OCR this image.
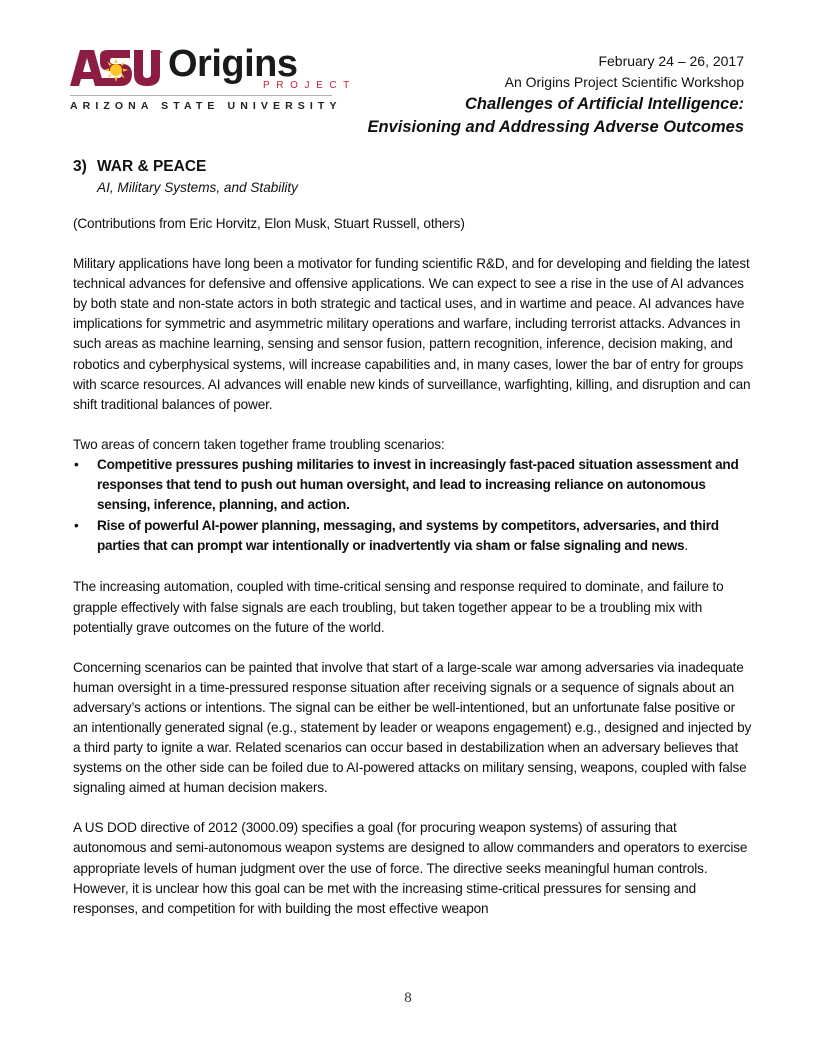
Origins
PROJECT
ARIZONA STATE UNIVERSITY
February 24 – 26, 2017
An Origins Project Scientific Workshop
Challenges of Artificial Intelligence:
Envisioning and Addressing Adverse Outcomes
3) WAR & PEACE
AI, Military Systems, and Stability

(Contributions from Eric Horvitz, Elon Musk, Stuart Russell, others)

Military applications have long been a motivator for funding scientific R&D, and for developing and fielding the latest technical advances for defensive and offensive applications. We can expect to see a rise in the use of AI advances by both state and non-state actors in both strategic and tactical uses, and in wartime and peace. AI advances have implications for symmetric and asymmetric military operations and warfare, including terrorist attacks. Advances in such areas as machine learning, sensing and sensor fusion, pattern recognition, inference, decision making, and robotics and cyberphysical systems, will increase capabilities and, in many cases, lower the bar of entry for groups with scarce resources. AI advances will enable new kinds of surveillance, warfighting, killing, and disruption and can shift traditional balances of power.

Two areas of concern taken together frame troubling scenarios:

• Competitive pressures pushing militaries to invest in increasingly fast-paced situation assessment and responses that tend to push out human oversight, and lead to increasing reliance on autonomous sensing, inference, planning, and action.
• Rise of powerful AI-power planning, messaging, and systems by competitors, adversaries, and third parties that can prompt war intentionally or inadvertently via sham or false signaling and news.

The increasing automation, coupled with time-critical sensing and response required to dominate, and failure to grapple effectively with false signals are each troubling, but taken together appear to be a troubling mix with potentially grave outcomes on the future of the world.

Concerning scenarios can be painted that involve that start of a large-scale war among adversaries via inadequate human oversight in a time-pressured response situation after receiving signals or a sequence of signals about an adversary’s actions or intentions. The signal can be either be well-intentioned, but an unfortunate false positive or an intentionally generated signal (e.g., statement by leader or weapons engagement) e.g., designed and injected by a third party to ignite a war. Related scenarios can occur based in destabilization when an adversary believes that systems on the other side can be foiled due to AI-powered attacks on military sensing, weapons, coupled with false signaling aimed at human decision makers.

A US DOD directive of 2012 (3000.09) specifies a goal (for procuring weapon systems) of assuring that autonomous and semi-autonomous weapon systems are designed to allow commanders and operators to exercise appropriate levels of human judgment over the use of force. The directive seeks meaningful human controls. However, it is unclear how this goal can be met with the increasing stime-critical pressures for sensing and responses, and competition for with building the most effective weapon

8
